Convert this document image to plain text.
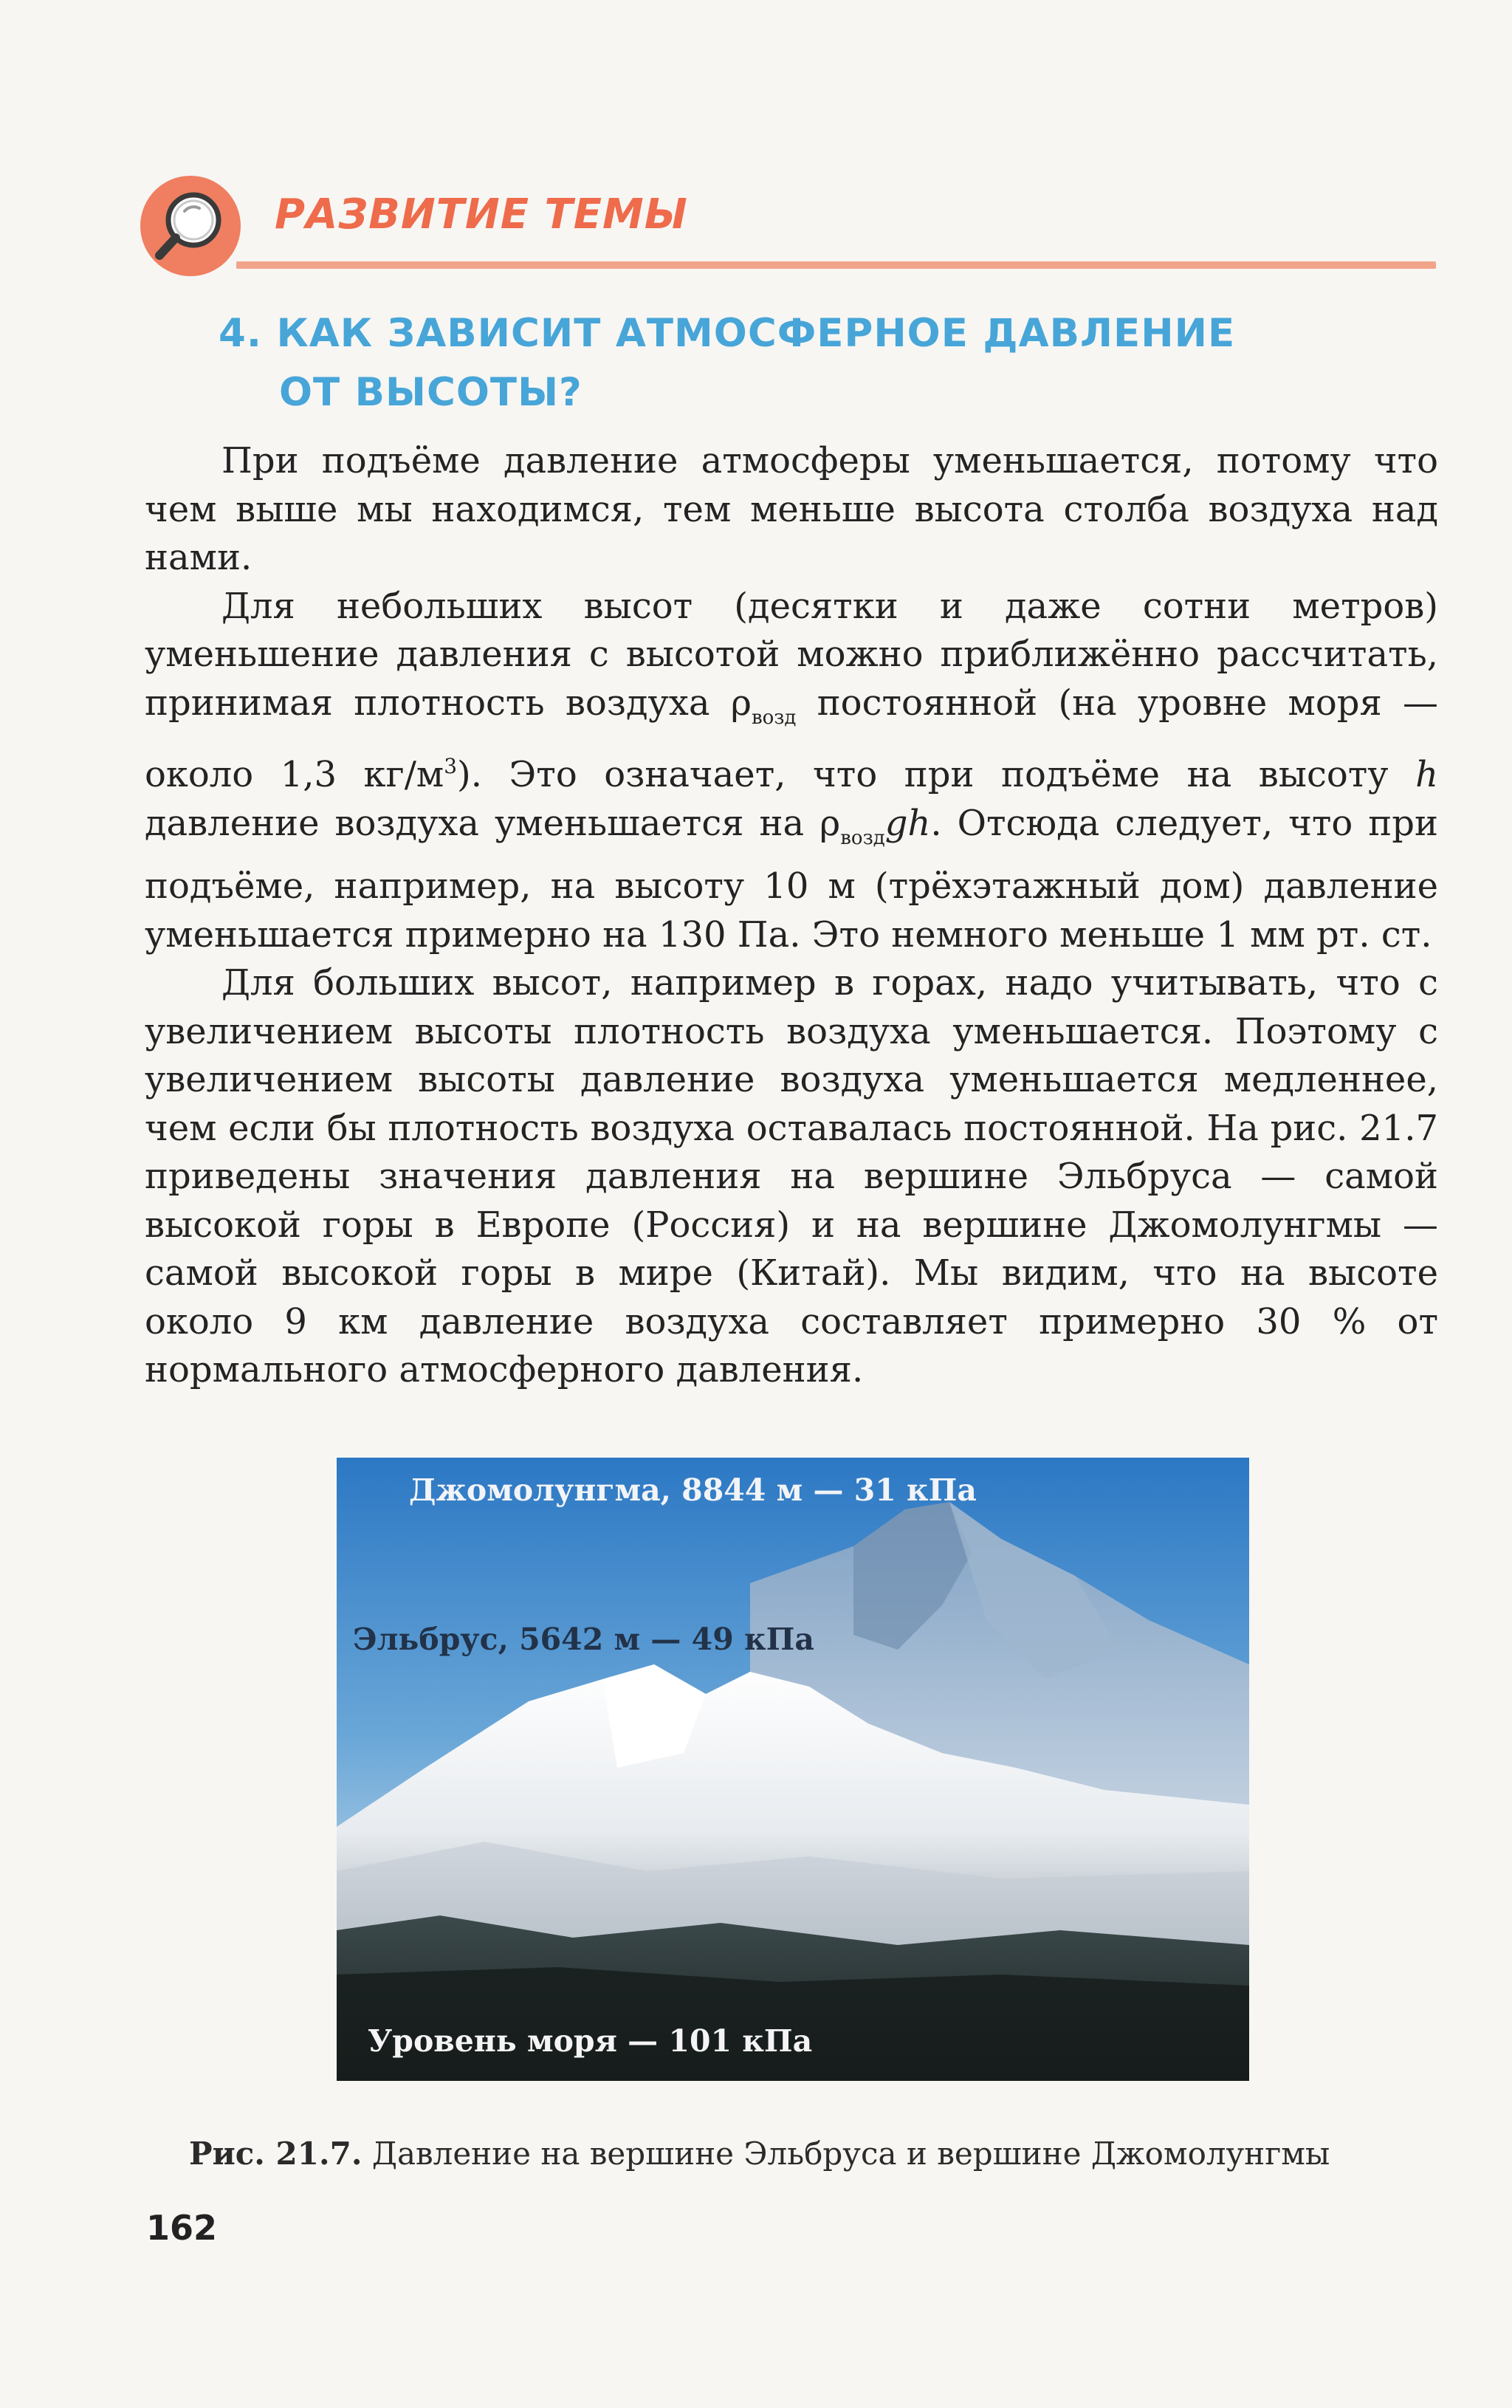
РАЗВИТИЕ ТЕМЫ
4. КАК ЗАВИСИТ АТМОСФЕРНОЕ ДАВЛЕНИЕ
ОТ ВЫСОТЫ?

При подъёме давление атмосферы уменьшается, потому что чем выше мы находимся, тем меньше высота столба воздуха над нами.

Для небольших высот (десятки и даже сотни метров) уменьшение давления с высотой можно приближённо рассчитать, принимая плотность воздуха $\rho_{возд}$ постоянной (на уровне моря — около 1,3 $кг/м^3$). Это означает, что при подъёме на высоту h давление воздуха уменьшается на $\rho_{возд}gh$. Отсюда следует, что при подъёме, например, на высоту 10 м (трёхэтажный дом) давление уменьшается примерно на 130 Па. Это немного меньше 1 мм рт. ст.

Для больших высот, например в горах, надо учитывать, что с увеличением высоты плотность воздуха уменьшается. Поэтому с увеличением высоты давление воздуха уменьшается медленнее, чем если бы плотность воздуха оставалась постоянной. На рис. 21.7 приведены значения давления на вершине Эльбруса — самой высокой горы в Европе (Россия) и на вершине Джомолунгмы — самой высокой горы в мире (Китай). Мы видим, что на высоте около 9 км давление воздуха составляет примерно 30 % от нормального атмосферного давления.

Джомолунгма, 8844 м — 31 кПа
Эльбрус, 5642 м — 49 кПа
Уровень моря — 101 кПа
Рис. 21.7. Давление на вершине Эльбруса и вершине Джомолунгмы
162
